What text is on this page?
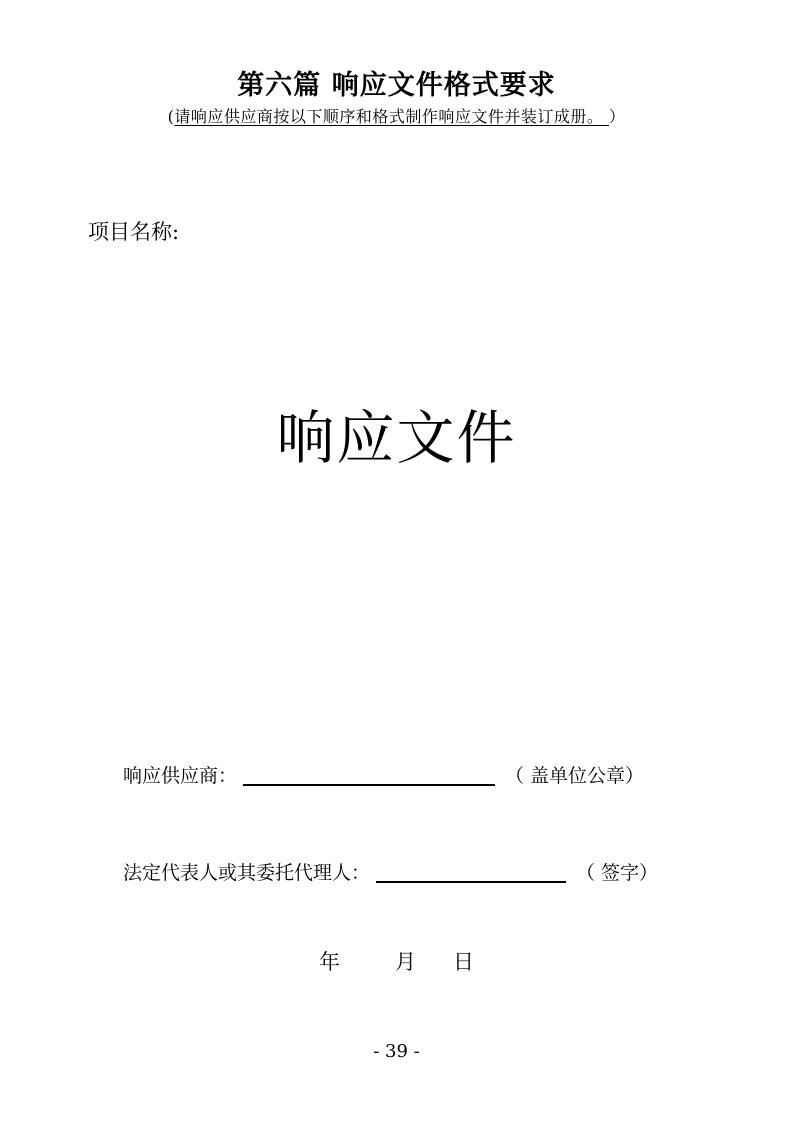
第六篇 响应文件格式要求
(请响应供应商按以下顺序和格式制作响应文件并装订成册。 ）
项目名称:
响应文件
响应供应商：	（ 盖单位公章）
法定代表人或其委托代理人：	（ 签字）
年	月 日
- 39 -
